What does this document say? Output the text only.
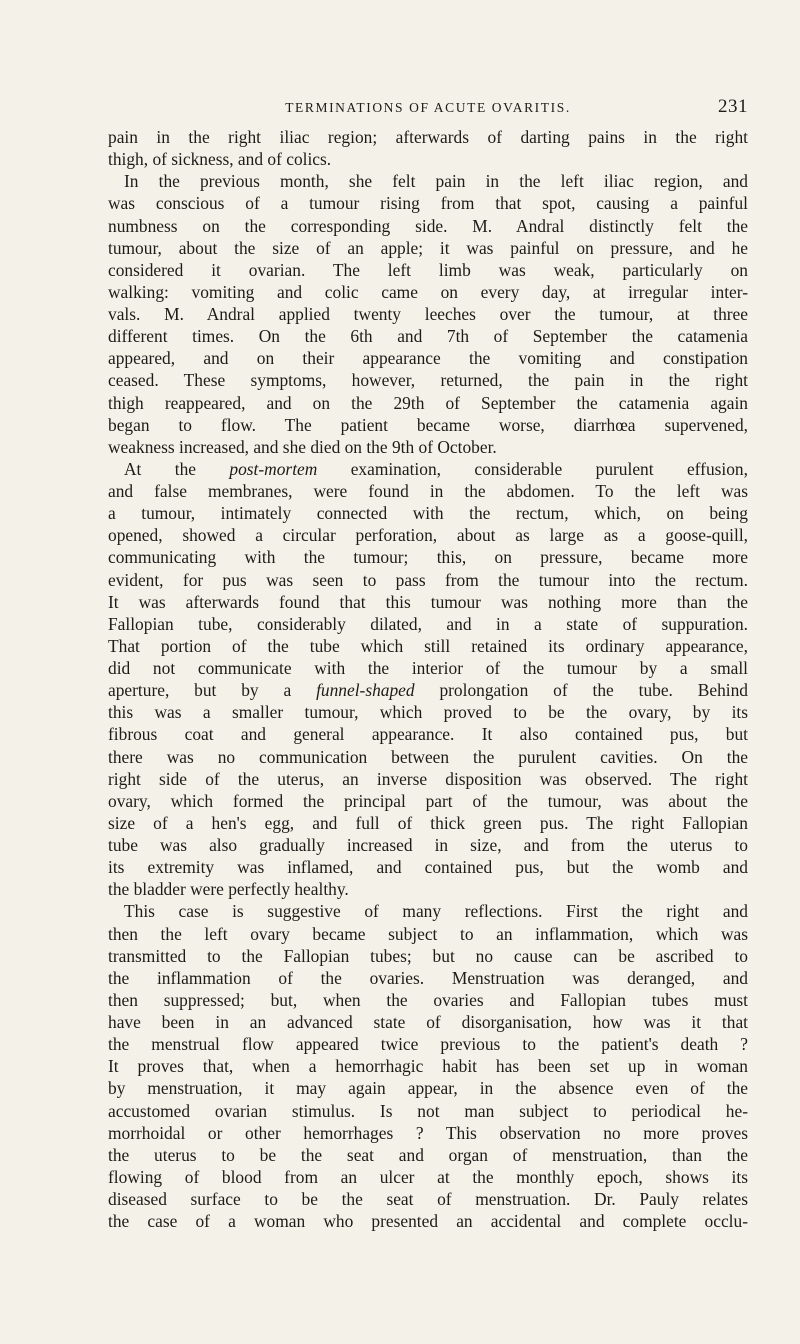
TERMINATIONS OF ACUTE OVARITIS.	231
pain in the right iliac region; afterwards of darting pains in the right
thigh, of sickness, and of colics.
In the previous month, she felt pain in the left iliac region, and
was conscious of a tumour rising from that spot, causing a painful
numbness on the corresponding side. M. Andral distinctly felt the
tumour, about the size of an apple; it was painful on pressure, and he
considered it ovarian. The left limb was weak, particularly on
walking: vomiting and colic came on every day, at irregular inter-
vals. M. Andral applied twenty leeches over the tumour, at three
different times. On the 6th and 7th of September the catamenia
appeared, and on their appearance the vomiting and constipation
ceased. These symptoms, however, returned, the pain in the right
thigh reappeared, and on the 29th of September the catamenia again
began to flow. The patient became worse, diarrhœa supervened,
weakness increased, and she died on the 9th of October.
At the post-mortem examination, considerable purulent effusion,
and false membranes, were found in the abdomen. To the left was
a tumour, intimately connected with the rectum, which, on being
opened, showed a circular perforation, about as large as a goose-quill,
communicating with the tumour; this, on pressure, became more
evident, for pus was seen to pass from the tumour into the rectum.
It was afterwards found that this tumour was nothing more than the
Fallopian tube, considerably dilated, and in a state of suppuration.
That portion of the tube which still retained its ordinary appearance,
did not communicate with the interior of the tumour by a small
aperture, but by a funnel-shaped prolongation of the tube. Behind
this was a smaller tumour, which proved to be the ovary, by its
fibrous coat and general appearance. It also contained pus, but
there was no communication between the purulent cavities. On the
right side of the uterus, an inverse disposition was observed. The right
ovary, which formed the principal part of the tumour, was about the
size of a hen's egg, and full of thick green pus. The right Fallopian
tube was also gradually increased in size, and from the uterus to
its extremity was inflamed, and contained pus, but the womb and
the bladder were perfectly healthy.
This case is suggestive of many reflections. First the right and
then the left ovary became subject to an inflammation, which was
transmitted to the Fallopian tubes; but no cause can be ascribed to
the inflammation of the ovaries. Menstruation was deranged, and
then suppressed; but, when the ovaries and Fallopian tubes must
have been in an advanced state of disorganisation, how was it that
the menstrual flow appeared twice previous to the patient's death ?
It proves that, when a hemorrhagic habit has been set up in woman
by menstruation, it may again appear, in the absence even of the
accustomed ovarian stimulus. Is not man subject to periodical he-
morrhoidal or other hemorrhages ? This observation no more proves
the uterus to be the seat and organ of menstruation, than the
flowing of blood from an ulcer at the monthly epoch, shows its
diseased surface to be the seat of menstruation. Dr. Pauly relates
the case of a woman who presented an accidental and complete occlu-
